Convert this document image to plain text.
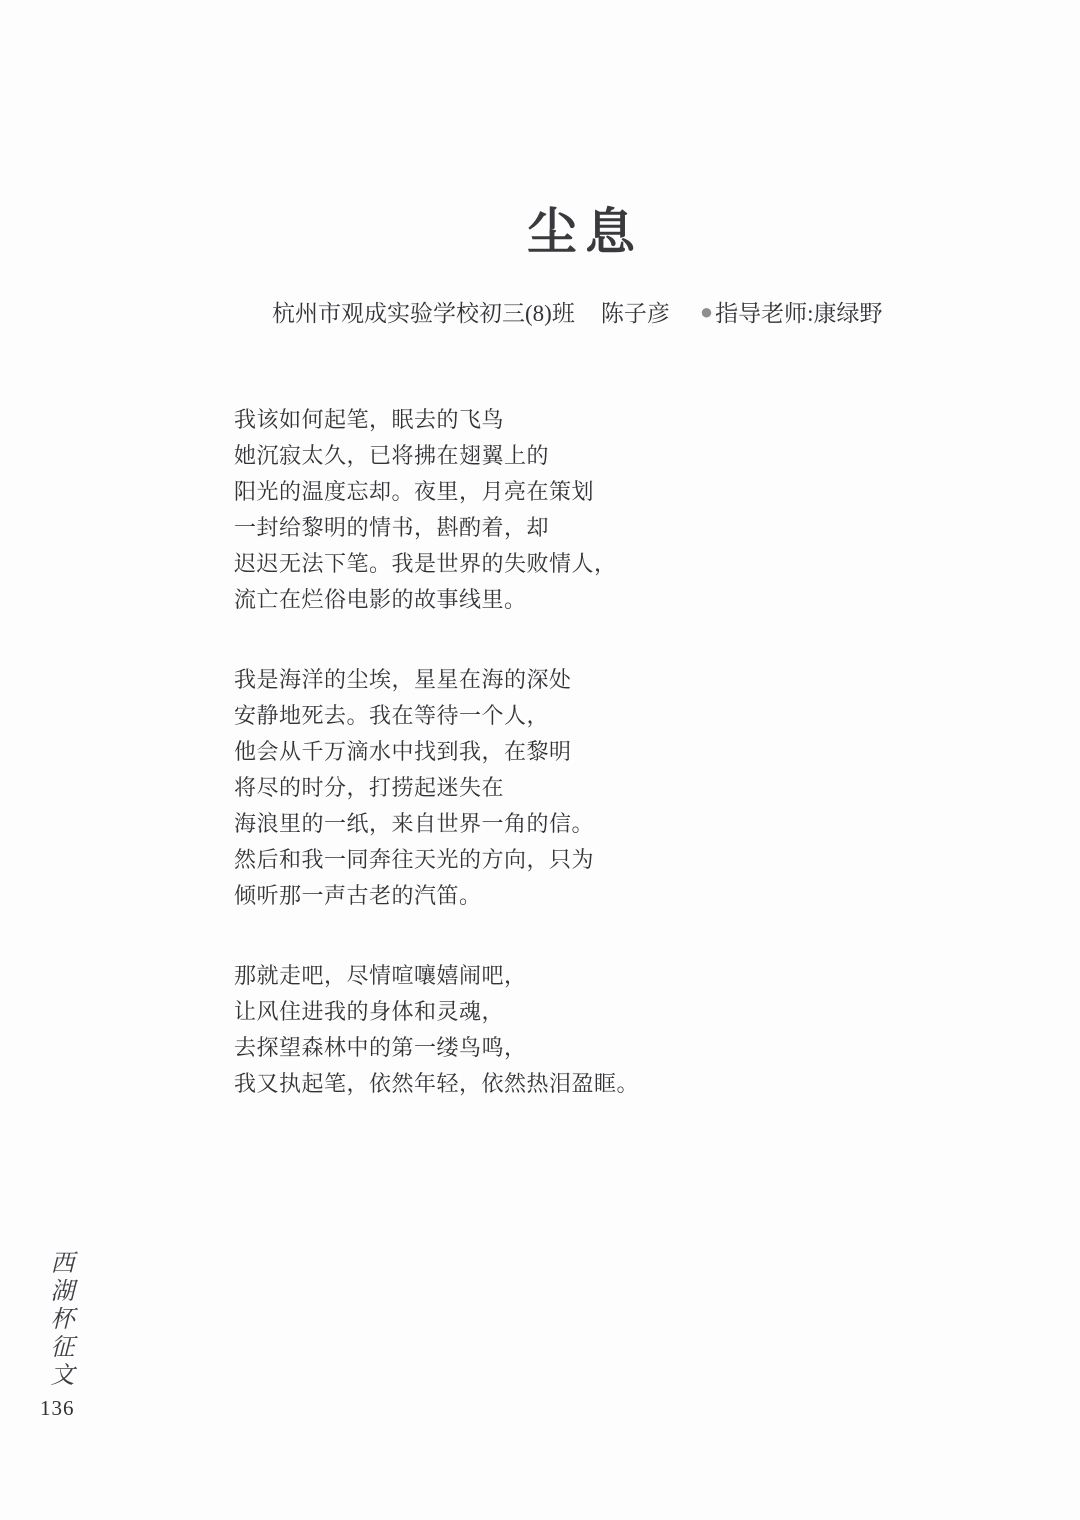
尘息
杭州市观成实验学校初三(8)班 陈子彦 ● 指导老师: 康绿野
我该如何起笔，眠去的飞鸟
她沉寂太久，已将拂在翅翼上的
阳光的温度忘却。夜里，月亮在策划
一封给黎明的情书，斟酌着，却
迟迟无法下笔。我是世界的失败情人，
流亡在烂俗电影的故事线里。
我是海洋的尘埃，星星在海的深处
安静地死去。我在等待一个人，
他会从千万滴水中找到我，在黎明
将尽的时分，打捞起迷失在
海浪里的一纸，来自世界一角的信。
然后和我一同奔往天光的方向，只为
倾听那一声古老的汽笛。
那就走吧，尽情喧嚷嬉闹吧，
让风住进我的身体和灵魂，
去探望森林中的第一缕鸟鸣，
我又执起笔，依然年轻，依然热泪盈眶。
西湖杯征文
136
